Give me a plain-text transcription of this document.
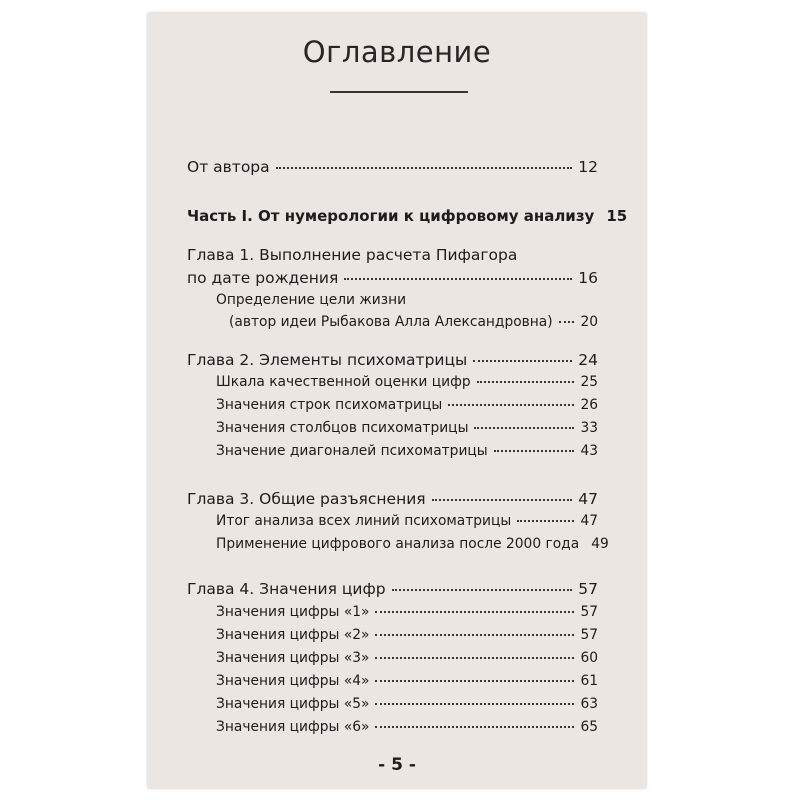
Оглавление
От автора	12
Часть I. От нумерологии к цифровому анализу 15
Глава 1. Выполнение расчета Пифагора
по дате рождения	16
Определение цели жизни
(автор идеи Рыбакова Алла Александровна) 20
Глава 2. Элементы психоматрицы	24
Шкала качественной оценки цифр	25
Значения строк психоматрицы	26
Значения столбцов психоматрицы	33
Значение диагоналей психоматрицы	43
Глава 3. Общие разъяснения	47
Итог анализа всех линий психоматрицы	47
Применение цифрового анализа после 2000 года 49
Глава 4. Значения цифр	57
Значения цифры «1»	57
Значения цифры «2»	57
Значения цифры «3»	60
Значения цифры «4»	61
Значения цифры «5»	63
Значения цифры «6»	65
- 5 -
